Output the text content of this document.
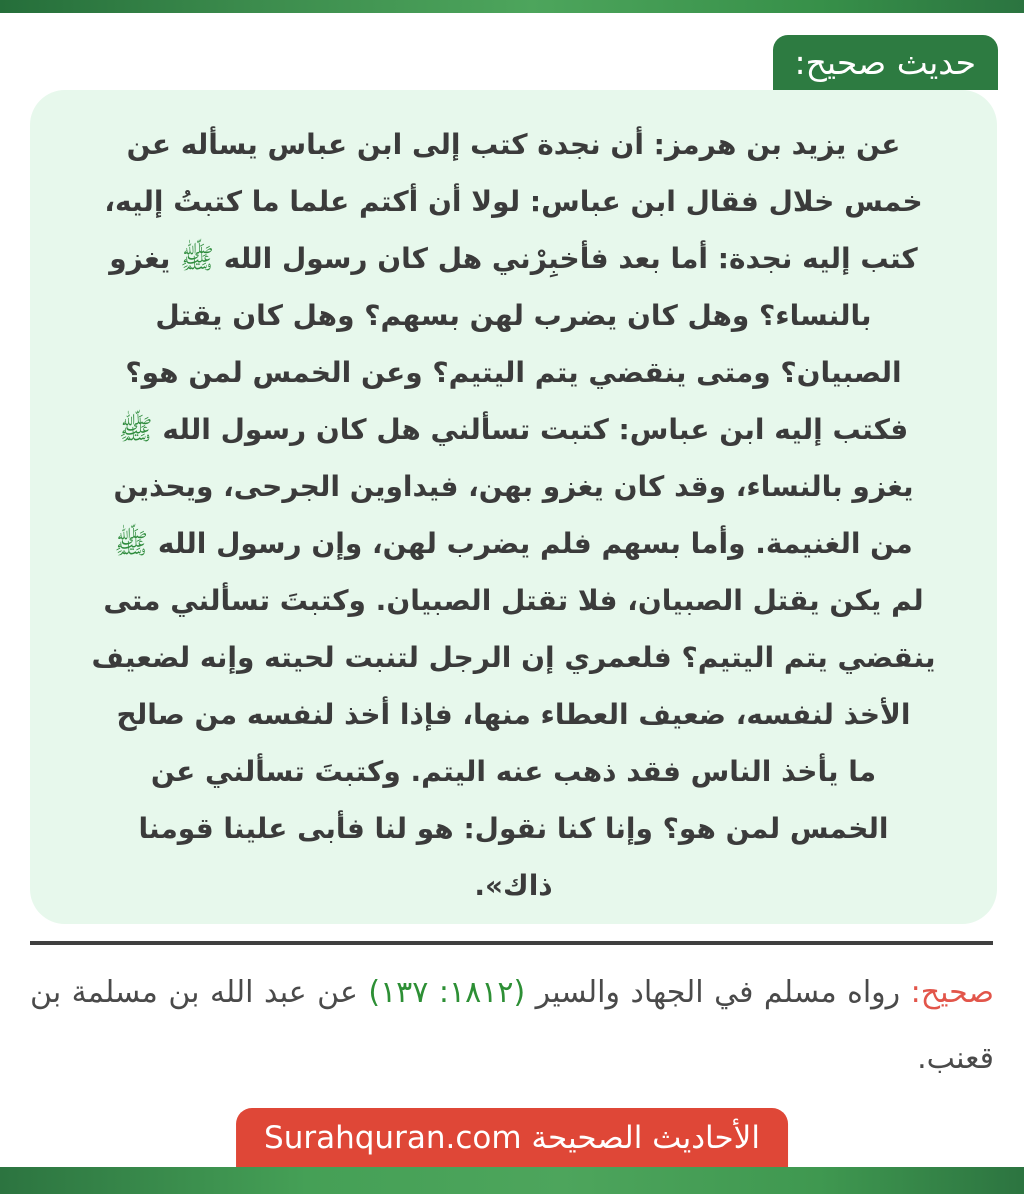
حديث صحيح:
عن يزيد بن هرمز: أن نجدة كتب إلى ابن عباس يسأله عن
خمس خلال فقال ابن عباس: لولا أن أكتم علما ما كتبتُ إليه،
كتب إليه نجدة: أما بعد فأخبِرْني هل كان رسول الله ﷺ يغزو
بالنساء؟ وهل كان يضرب لهن بسهم؟ وهل كان يقتل
الصبيان؟ ومتى ينقضي يتم اليتيم؟ وعن الخمس لمن هو؟
فكتب إليه ابن عباس: كتبت تسألني هل كان رسول الله ﷺ
يغزو بالنساء، وقد كان يغزو بهن، فيداوين الجرحى، ويحذين
من الغنيمة. وأما بسهم فلم يضرب لهن، وإن رسول الله ﷺ
لم يكن يقتل الصبيان، فلا تقتل الصبيان. وكتبتَ تسألني متى
ينقضي يتم اليتيم؟ فلعمري إن الرجل لتنبت لحيته وإنه لضعيف
الأخذ لنفسه، ضعيف العطاء منها، فإذا أخذ لنفسه من صالح
ما يأخذ الناس فقد ذهب عنه اليتم. وكتبتَ تسألني عن
الخمس لمن هو؟ وإنا كنا نقول: هو لنا فأبى علينا قومنا
ذاك».

صحيح: رواه مسلم في الجهاد والسير (١٨١٢: ١٣٧) عن عبد الله بن مسلمة بن قعنب.

الأحاديث الصحيحة Surahquran.com
